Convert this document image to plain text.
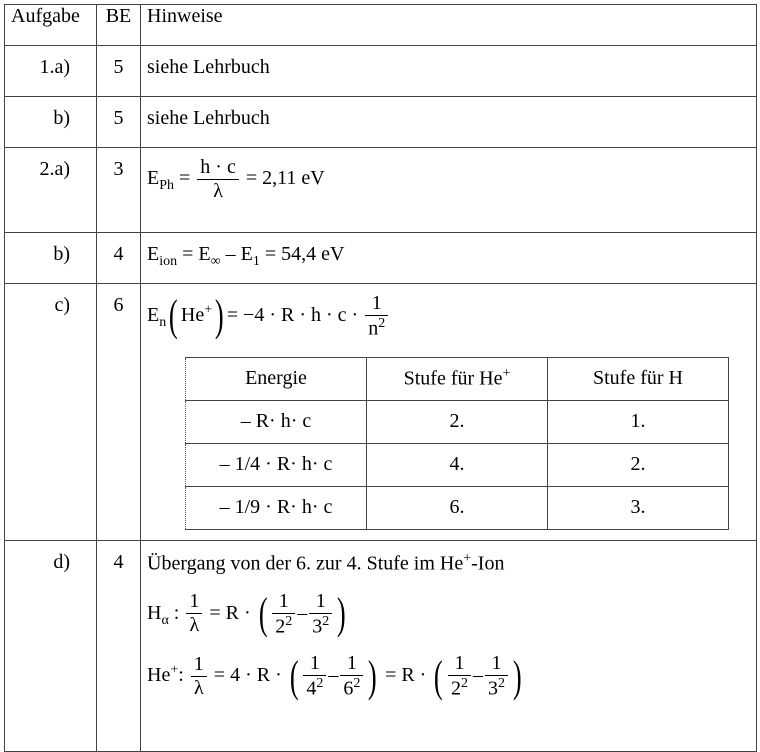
Aufgabe	BE	Hinweise
1.a)	5	siehe Lehrbuch
b)	5	siehe Lehrbuch
2.a)	3	$E_{Ph} = \frac{h \cdot c}{\lambda} = 2,11$ eV
b)	4	$E_{ion} = E_\infty - E_1 = 54,4$ eV
c)	6	$E_n$( $He^+) = -4 \cdot R \cdot h \cdot c \cdot \frac{1}{n^2}$
Energie	Stufe für He+	Stufe für H
– R· h· c	2.	1.
– 1/4 · R· h· c	4.	2.
– 1/9 · R· h· c	6.	3.

d)	4	Übergang von der 6. zur 4. Stufe im He+-Ion
$H_\alpha$ : $\frac{1}{\lambda} = R$ · ( $\frac{1}{2^2} - \frac{1}{3^2}$ )
He+: $\frac{1}{\lambda} = 4 \cdot R$ · ( $\frac{1}{4^2} - \frac{1}{6^2}$ ) = R · ( $\frac{1}{2^2} - \frac{1}{3^2}$ )
